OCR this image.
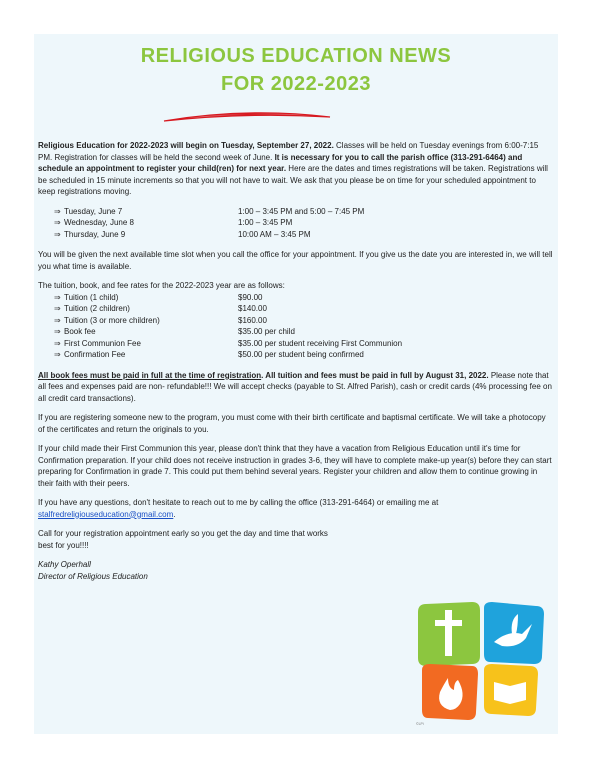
RELIGIOUS EDUCATION NEWS
FOR 2022-2023

Religious Education for 2022-2023 will begin on Tuesday, September 27, 2022. Classes will be held on Tuesday evenings from 6:00-7:15 PM. Registration for classes will be held the second week of June. It is necessary for you to call the parish office (313-291-6464) and schedule an appointment to register your child(ren) for next year. Here are the dates and times registrations will be taken. Registrations will be scheduled in 15 minute increments so that you will not have to wait. We ask that you please be on time for your scheduled appointment to keep registrations moving.

⇒ Tuesday, June 7	1:00 – 3:45 PM and 5:00 – 7:45 PM
⇒ Wednesday, June 8	1:00 – 3:45 PM
⇒ Thursday, June 9	10:00 AM – 3:45 PM

You will be given the next available time slot when you call the office for your appointment. If you give us the date you are interested in, we will tell you what time is available.

The tuition, book, and fee rates for the 2022-2023 year are as follows:
⇒ Tuition (1 child)	$90.00
⇒ Tuition (2 children)	$140.00
⇒ Tuition (3 or more children)	$160.00
⇒ Book fee	$35.00 per child
⇒ First Communion Fee	$35.00 per student receiving First Communion
⇒ Confirmation Fee	$50.00 per student being confirmed

All book fees must be paid in full at the time of registration. All tuition and fees must be paid in full by August 31, 2022. Please note that all fees and expenses paid are non- refundable!!! We will accept checks (payable to St. Alfred Parish), cash or credit cards (4% processing fee on all credit card transactions).

If you are registering someone new to the program, you must come with their birth certificate and baptismal certificate. We will take a photocopy of the certificates and return the originals to you.

If your child made their First Communion this year, please don't think that they have a vacation from Religious Education until it's time for Confirmation preparation. If your child does not receive instruction in grades 3-6, they will have to complete make-up year(s) before they can start preparing for Confirmation in grade 7. This could put them behind several years. Register your children and allow them to continue growing in their faith with their peers.

If you have any questions, don't hesitate to reach out to me by calling the office (313-291-6464) or emailing me at stalfredreligiouseducation@gmail.com.

Call for your registration appointment early so you get the day and time that works best for you!!!!

Kathy Operhall
Director of Religious Education
©LPi
